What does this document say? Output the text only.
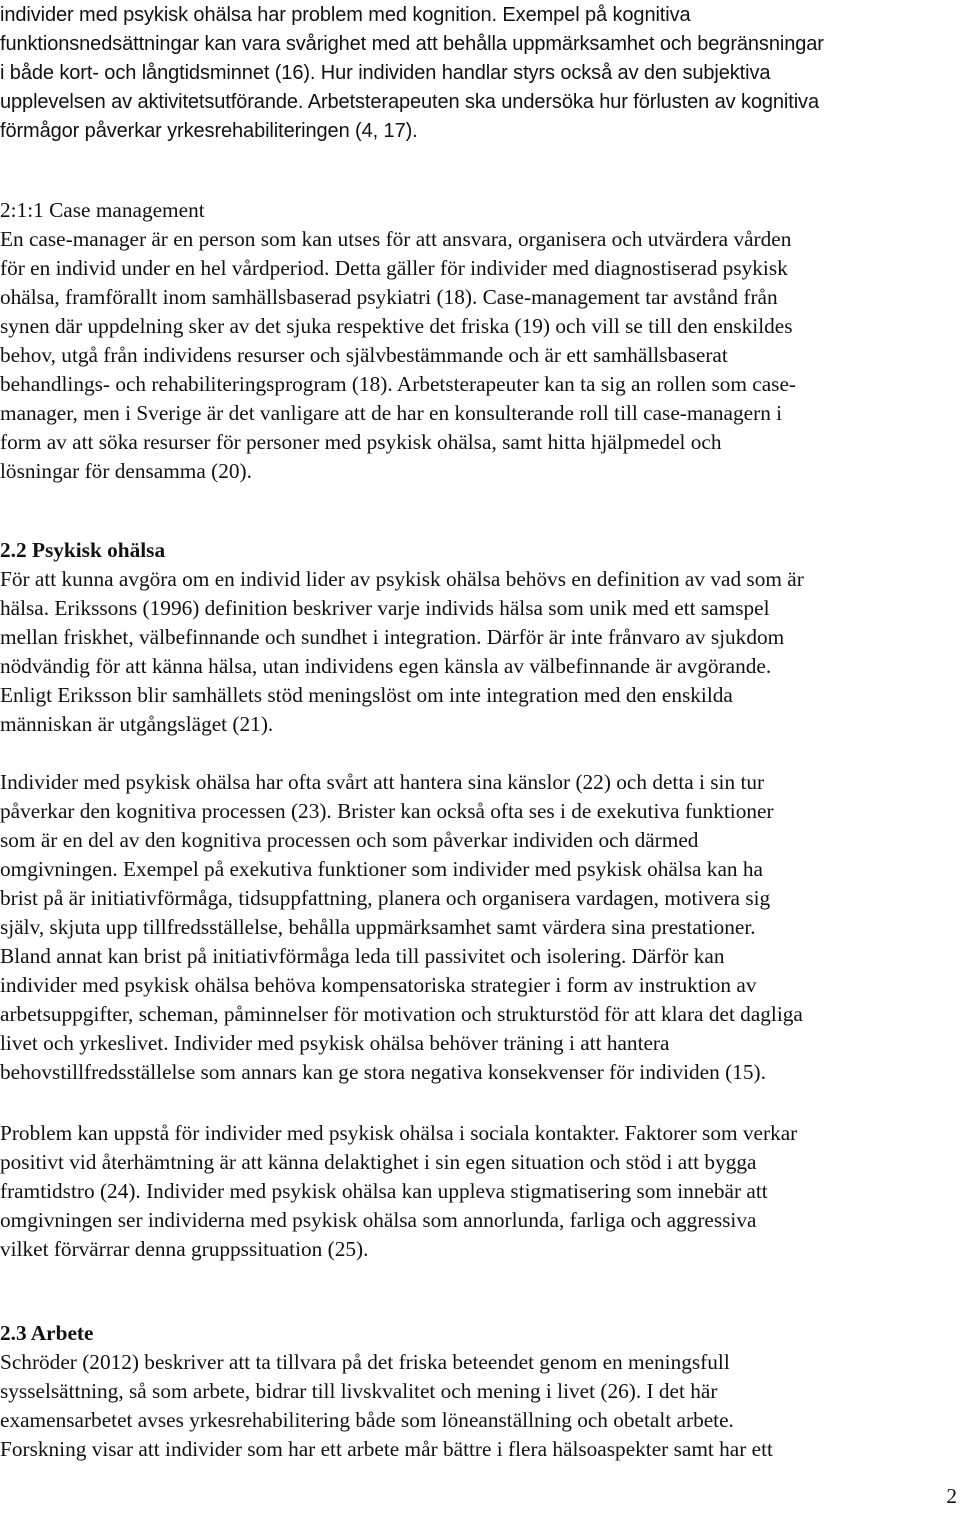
individer med psykisk ohälsa har problem med kognition. Exempel på kognitiva
funktionsnedsättningar kan vara svårighet med att behålla uppmärksamhet och begränsningar
i både kort- och långtidsminnet (16). Hur individen handlar styrs också av den subjektiva
upplevelsen av aktivitetsutförande. Arbetsterapeuten ska undersöka hur förlusten av kognitiva
förmågor påverkar yrkesrehabiliteringen (4, 17).
2:1:1 Case management
En case-manager är en person som kan utses för att ansvara, organisera och utvärdera vården
för en individ under en hel vårdperiod. Detta gäller för individer med diagnostiserad psykisk
ohälsa, framförallt inom samhällsbaserad psykiatri (18). Case-management tar avstånd från
synen där uppdelning sker av det sjuka respektive det friska (19) och vill se till den enskildes
behov, utgå från individens resurser och självbestämmande och är ett samhällsbaserat
behandlings- och rehabiliteringsprogram (18). Arbetsterapeuter kan ta sig an rollen som case-
manager, men i Sverige är det vanligare att de har en konsulterande roll till case-managern i
form av att söka resurser för personer med psykisk ohälsa, samt hitta hjälpmedel och
lösningar för densamma (20).
2.2 Psykisk ohälsa
För att kunna avgöra om en individ lider av psykisk ohälsa behövs en definition av vad som är
hälsa. Erikssons (1996) definition beskriver varje individs hälsa som unik med ett samspel
mellan friskhet, välbefinnande och sundhet i integration. Därför är inte frånvaro av sjukdom
nödvändig för att känna hälsa, utan individens egen känsla av välbefinnande är avgörande.
Enligt Eriksson blir samhällets stöd meningslöst om inte integration med den enskilda
människan är utgångsläget (21).
Individer med psykisk ohälsa har ofta svårt att hantera sina känslor (22) och detta i sin tur
påverkar den kognitiva processen (23). Brister kan också ofta ses i de exekutiva funktioner
som är en del av den kognitiva processen och som påverkar individen och därmed
omgivningen. Exempel på exekutiva funktioner som individer med psykisk ohälsa kan ha
brist på är initiativförmåga, tidsuppfattning, planera och organisera vardagen, motivera sig
själv, skjuta upp tillfredsställelse, behålla uppmärksamhet samt värdera sina prestationer.
Bland annat kan brist på initiativförmåga leda till passivitet och isolering. Därför kan
individer med psykisk ohälsa behöva kompensatoriska strategier i form av instruktion av
arbetsuppgifter, scheman, påminnelser för motivation och strukturstöd för att klara det dagliga
livet och yrkeslivet. Individer med psykisk ohälsa behöver träning i att hantera
behovstillfredsställelse som annars kan ge stora negativa konsekvenser för individen (15).
Problem kan uppstå för individer med psykisk ohälsa i sociala kontakter. Faktorer som verkar
positivt vid återhämtning är att känna delaktighet i sin egen situation och stöd i att bygga
framtidstro (24). Individer med psykisk ohälsa kan uppleva stigmatisering som innebär att
omgivningen ser individerna med psykisk ohälsa som annorlunda, farliga och aggressiva
vilket förvärrar denna gruppssituation (25).
2.3 Arbete
Schröder (2012) beskriver att ta tillvara på det friska beteendet genom en meningsfull
sysselsättning, så som arbete, bidrar till livskvalitet och mening i livet (26). I det här
examensarbetet avses yrkesrehabilitering både som löneanställning och obetalt arbete.
Forskning visar att individer som har ett arbete mår bättre i flera hälsoaspekter samt har ett
2
